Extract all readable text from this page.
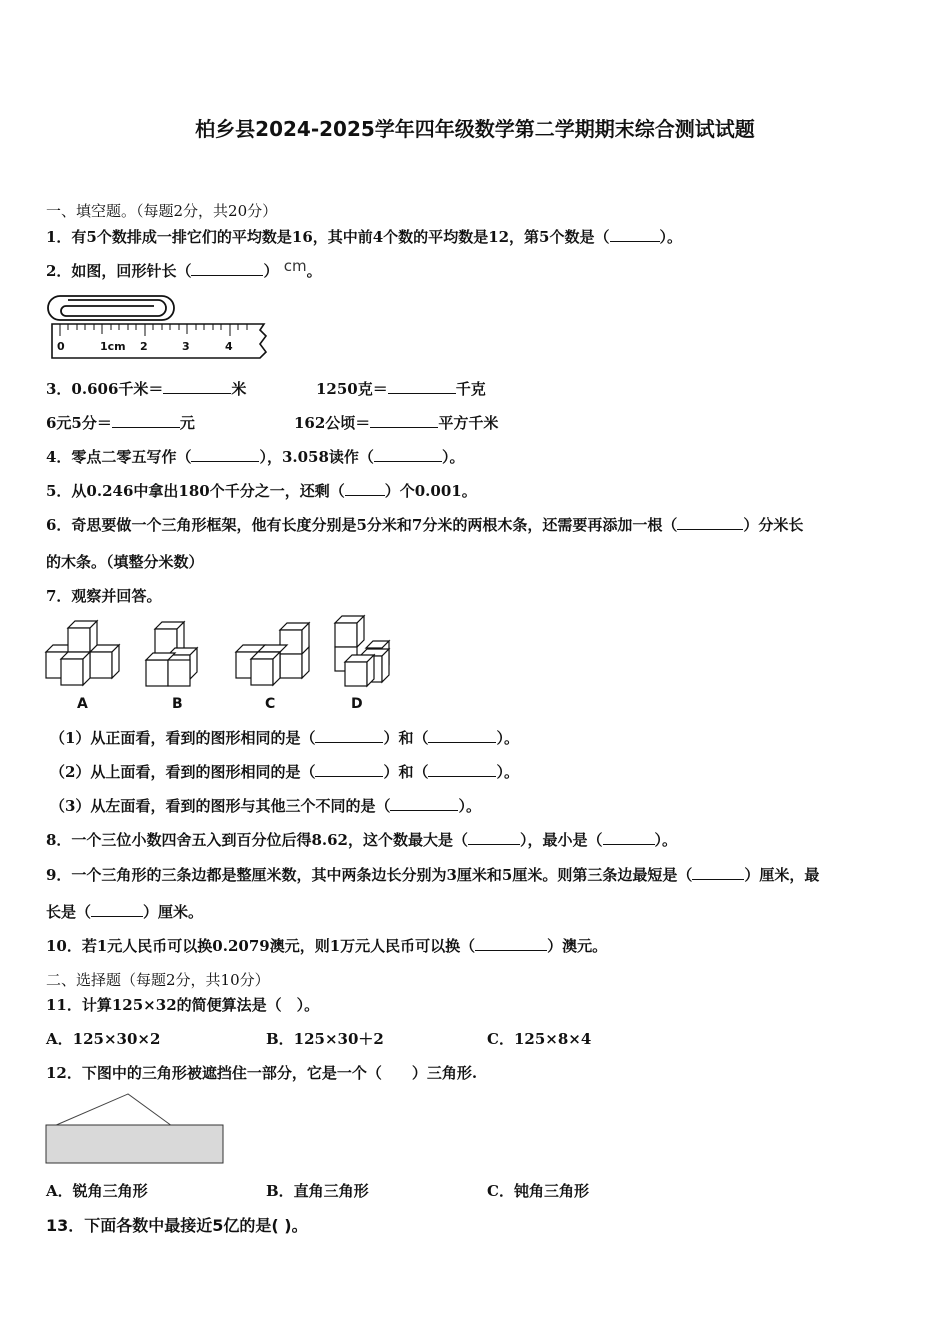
柏乡县2024-2025学年四年级数学第二学期期末综合测试试题
一、填空题。（每题2分，共20分）
1．有5个数排成一排它们的平均数是16，其中前4个数的平均数是12，第5个数是（	）。
2．如图，回形针长（	） cm。
0	1cm 2	3	4
3．0.606千米＝	米	1250克＝	千克
6元5分＝	元	162公顷＝	平方千米
4．零点二零五写作（	），3.058读作（	）。
5．从0.246中拿出180个千分之一，还剩（	）个0.001。
6．奇思要做一个三角形框架，他有长度分别是5分米和7分米的两根木条，还需要再添加一根（	）分米长
的木条。（填整分米数）
7．观察并回答。
A	B	C	D
（1）从正面看，看到的图形相同的是（	）和（	）。
（2）从上面看，看到的图形相同的是（	）和（	）。
（3）从左面看，看到的图形与其他三个不同的是（	）。
8．一个三位小数四舍五入到百分位后得8.62，这个数最大是（	），最小是（	）。
9．一个三角形的三条边都是整厘米数，其中两条边长分别为3厘米和5厘米。则第三条边最短是（	）厘米，最
长是（	）厘米。
10．若1元人民币可以换0.2079澳元，则1万元人民币可以换（	）澳元。
二、选择题（每题2分，共10分）
11．计算125×32的简便算法是（　）。
A．125×30×2	B．125×30＋2	C．125×8×4
12．下图中的三角形被遮挡住一部分，它是一个（　　）三角形.
A．锐角三角形	B．直角三角形	C．钝角三角形
13．下面各数中最接近5亿的是( )。
